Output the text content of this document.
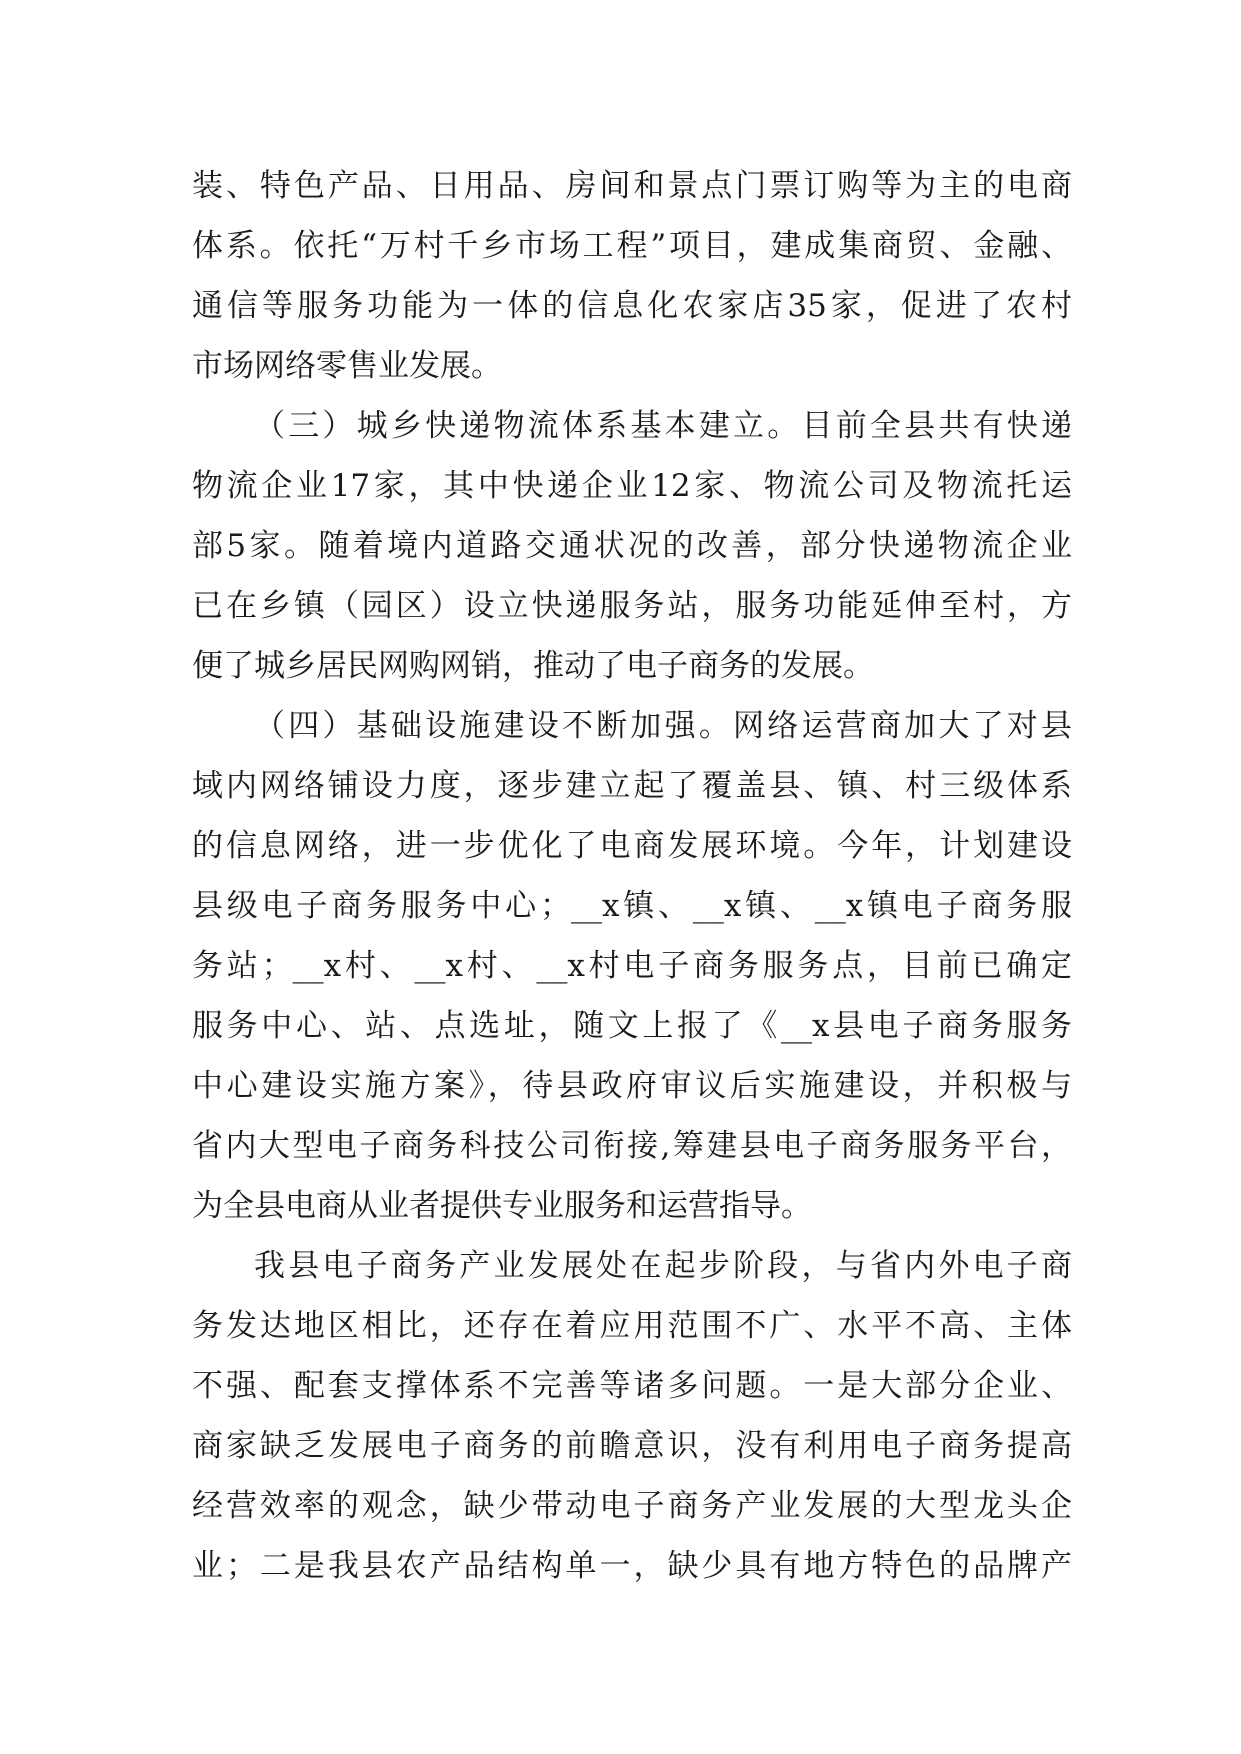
装、特色产品、日用品、房间和景点门票订购等为主的电商
体系。依托“万村千乡市场工程”项目，建成集商贸、金融、
通信等服务功能为一体的信息化农家店35家，促进了农村
市场网络零售业发展。
（三）城乡快递物流体系基本建立。目前全县共有快递
物流企业17家，其中快递企业12家、物流公司及物流托运
部5家。随着境内道路交通状况的改善，部分快递物流企业
已在乡镇（园区）设立快递服务站，服务功能延伸至村，方
便了城乡居民网购网销，推动了电子商务的发展。
（四）基础设施建设不断加强。网络运营商加大了对县
域内网络铺设力度，逐步建立起了覆盖县、镇、村三级体系
的信息网络，进一步优化了电商发展环境。今年，计划建设
县级电子商务服务中心；__x镇、__x镇、__x镇电子商务服
务站；__x村、__x村、__x村电子商务服务点，目前已确定
服务中心、站、点选址，随文上报了《__x县电子商务服务
中心建设实施方案》，待县政府审议后实施建设，并积极与
省内大型电子商务科技公司衔接,筹建县电子商务服务平台，
为全县电商从业者提供专业服务和运营指导。
我县电子商务产业发展处在起步阶段，与省内外电子商
务发达地区相比，还存在着应用范围不广、水平不高、主体
不强、配套支撑体系不完善等诸多问题。一是大部分企业、
商家缺乏发展电子商务的前瞻意识，没有利用电子商务提高
经营效率的观念，缺少带动电子商务产业发展的大型龙头企
业；二是我县农产品结构单一，缺少具有地方特色的品牌产
